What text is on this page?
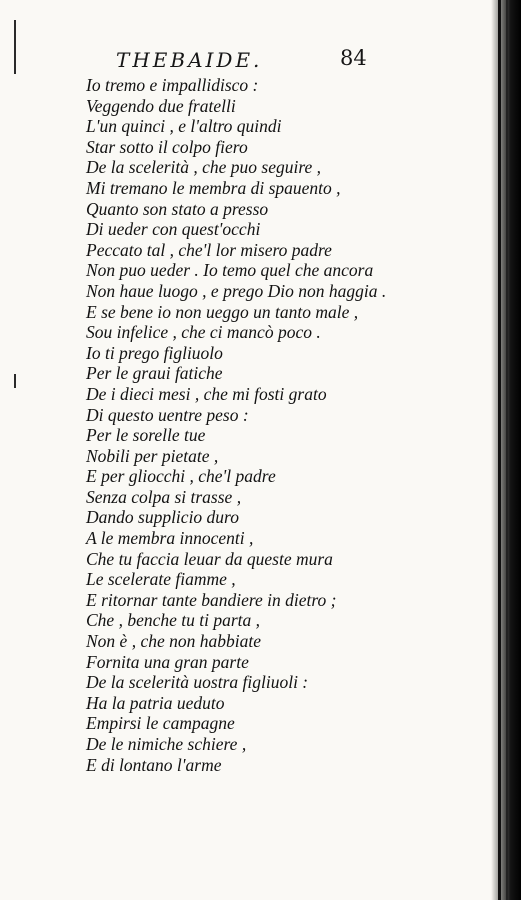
THEBAIDE.	84
Io tremo e impallidisco :
Veggendo due fratelli
L'un quinci , e l'altro quindi
Star sotto il colpo fiero
De la scelerità , che puo seguire ,
Mi tremano le membra di spauento ,
Quanto son stato a presso
Di ueder con quest'occhi
Peccato tal , che'l lor misero padre
Non puo ueder . Io temo quel che ancora
Non haue luogo , e prego Dio non haggia .
E se bene io non ueggo un tanto male ,
Sou infelice , che ci mancò poco .
Io ti prego figliuolo
Per le graui fatiche
De i dieci mesi , che mi fosti grato
Di questo uentre peso :
Per le sorelle tue
Nobili per pietate ,
E per gliocchi , che'l padre
Senza colpa si trasse ,
Dando supplicio duro
A le membra innocenti ,
Che tu faccia leuar da queste mura
Le scelerate fiamme ,
E ritornar tante bandiere in dietro ;
Che , benche tu ti parta ,
Non è , che non habbiate
Fornita una gran parte
De la scelerità uostra figliuoli :
Ha la patria ueduto
Empirsi le campagne
De le nimiche schiere ,
E di lontano l'arme
